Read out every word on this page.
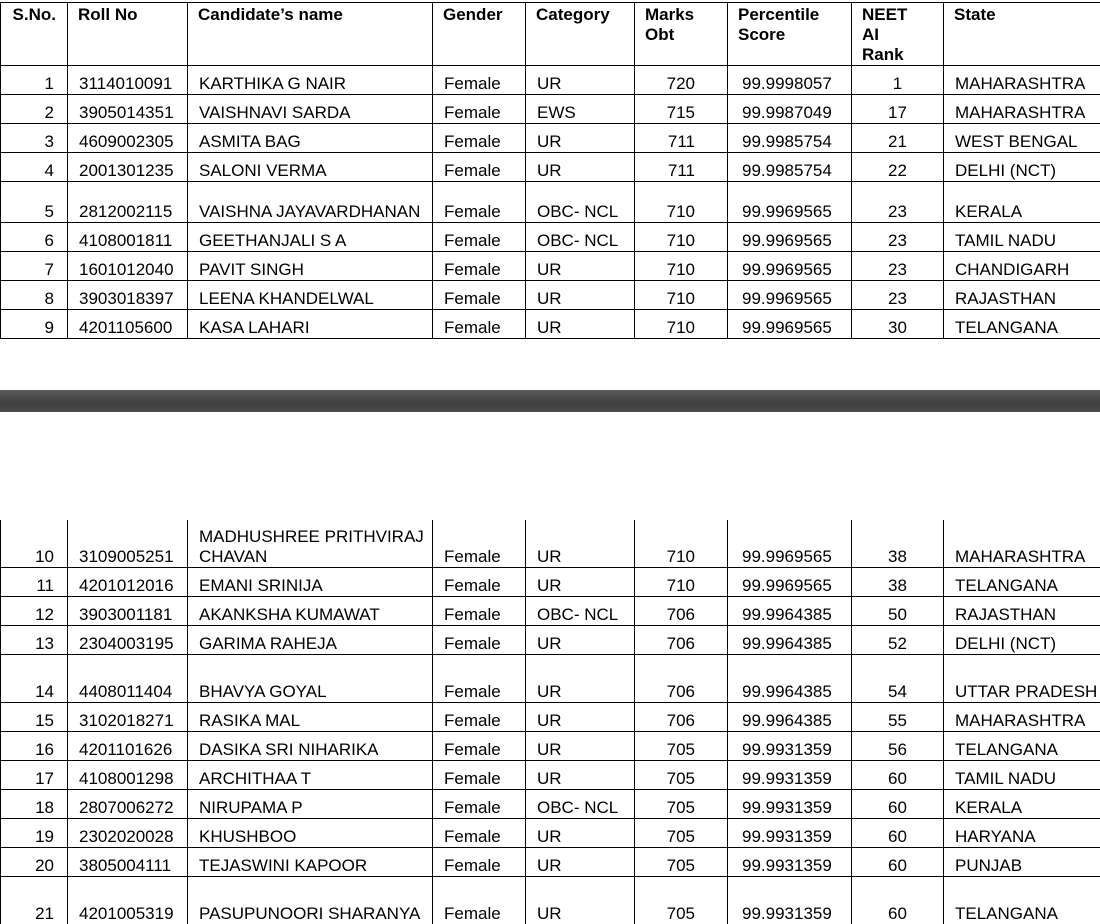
S.No.	Roll No	Candidate’s name	Gender	Category	Marks Obt	Percentile Score	NEET AI Rank	State
1	3114010091	KARTHIKA G NAIR	Female	UR	720	99.9998057	1	MAHARASHTRA
2	3905014351	VAISHNAVI SARDA	Female	EWS	715	99.9987049	17	MAHARASHTRA
3	4609002305	ASMITA BAG	Female	UR	711	99.9985754	21	WEST BENGAL
4	2001301235	SALONI VERMA	Female	UR	711	99.9985754	22	DELHI (NCT)
5	2812002115	VAISHNA JAYAVARDHANAN	Female	OBC- NCL	710	99.9969565	23	KERALA
6	4108001811	GEETHANJALI S A	Female	OBC- NCL	710	99.9969565	23	TAMIL NADU
7	1601012040	PAVIT SINGH	Female	UR	710	99.9969565	23	CHANDIGARH
8	3903018397	LEENA KHANDELWAL	Female	UR	710	99.9969565	23	RAJASTHAN
9	4201105600	KASA LAHARI	Female	UR	710	99.9969565	30	TELANGANA
10	3109005251	MADHUSHREE PRITHVIRAJ CHAVAN	Female	UR	710	99.9969565	38	MAHARASHTRA
11	4201012016	EMANI SRINIJA	Female	UR	710	99.9969565	38	TELANGANA
12	3903001181	AKANKSHA KUMAWAT	Female	OBC- NCL	706	99.9964385	50	RAJASTHAN
13	2304003195	GARIMA RAHEJA	Female	UR	706	99.9964385	52	DELHI (NCT)
14	4408011404	BHAVYA GOYAL	Female	UR	706	99.9964385	54	UTTAR PRADESH
15	3102018271	RASIKA MAL	Female	UR	706	99.9964385	55	MAHARASHTRA
16	4201101626	DASIKA SRI NIHARIKA	Female	UR	705	99.9931359	56	TELANGANA
17	4108001298	ARCHITHAA T	Female	UR	705	99.9931359	60	TAMIL NADU
18	2807006272	NIRUPAMA P	Female	OBC- NCL	705	99.9931359	60	KERALA
19	2302020028	KHUSHBOO	Female	UR	705	99.9931359	60	HARYANA
20	3805004111	TEJASWINI KAPOOR	Female	UR	705	99.9931359	60	PUNJAB
21	4201005319	PASUPUNOORI SHARANYA	Female	UR	705	99.9931359	60	TELANGANA
